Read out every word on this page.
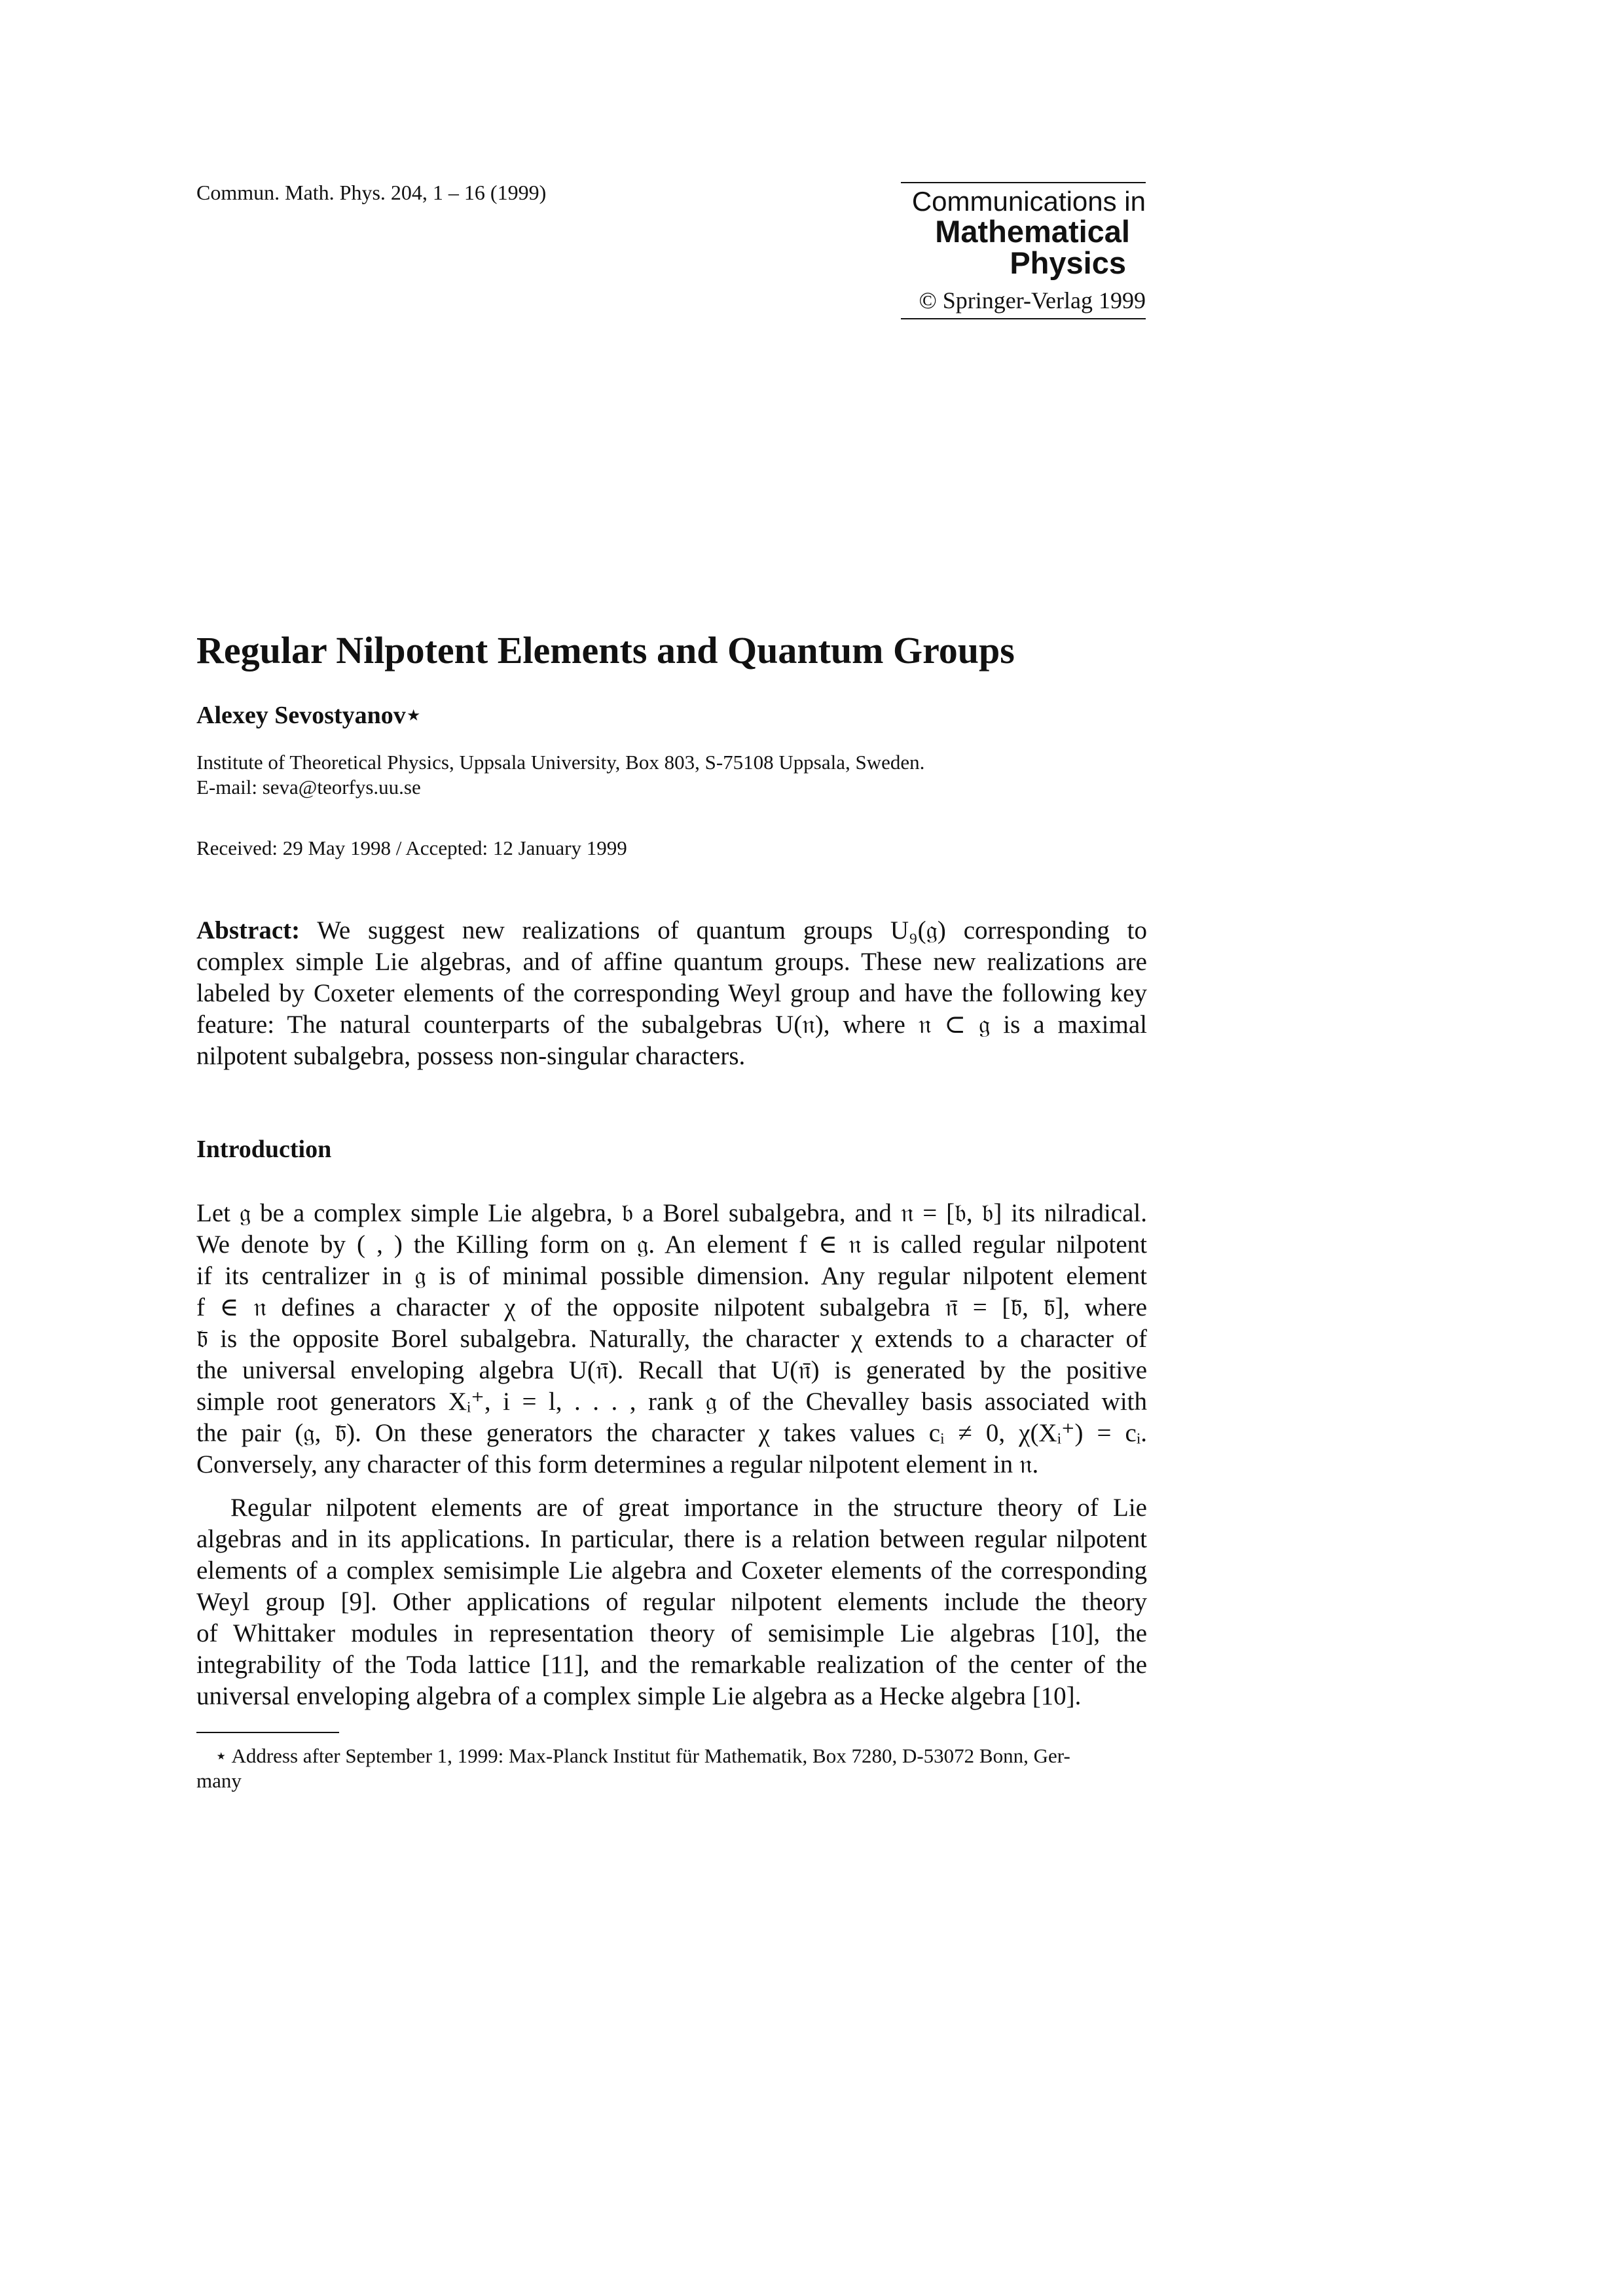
Commun. Math. Phys. 204, 1 – 16 (1999)	Communications in
Mathematical
Physics
© Springer-Verlag 1999
Regular Nilpotent Elements and Quantum Groups
Alexey Sevostyanov⋆
Institute of Theoretical Physics, Uppsala University, Box 803, S-75108 Uppsala, Sweden.
E-mail: seva@teorfys.uu.se
Received: 29 May 1998 / Accepted: 12 January 1999
Abstract: We suggest new realizations of quantum groups U₉(𝔤) corresponding to
complex simple Lie algebras, and of affine quantum groups. These new realizations are
labeled by Coxeter elements of the corresponding Weyl group and have the following key
feature: The natural counterparts of the subalgebras U(𝔫), where 𝔫 ⊂ 𝔤 is a maximal
nilpotent subalgebra, possess non-singular characters.
Introduction
Let 𝔤 be a complex simple Lie algebra, 𝔟 a Borel subalgebra, and 𝔫 = [𝔟, 𝔟] its nilradical.
We denote by ( , ) the Killing form on 𝔤. An element f ∈ 𝔫 is called regular nilpotent
if its centralizer in 𝔤 is of minimal possible dimension. Any regular nilpotent element
f ∈ 𝔫 defines a character χ of the opposite nilpotent subalgebra 𝔫̄ = [𝔟̄, 𝔟̄], where
𝔟̄ is the opposite Borel subalgebra. Naturally, the character χ extends to a character of
the universal enveloping algebra U(𝔫̄). Recall that U(𝔫̄) is generated by the positive
simple root generators Xᵢ⁺, i = l, . . . , rank 𝔤 of the Chevalley basis associated with
the pair (𝔤, 𝔟̄). On these generators the character χ takes values cᵢ ≠ 0, χ(Xᵢ⁺) = cᵢ.
Conversely, any character of this form determines a regular nilpotent element in 𝔫.
Regular nilpotent elements are of great importance in the structure theory of Lie
algebras and in its applications. In particular, there is a relation between regular nilpotent
elements of a complex semisimple Lie algebra and Coxeter elements of the corresponding
Weyl group [9]. Other applications of regular nilpotent elements include the theory
of Whittaker modules in representation theory of semisimple Lie algebras [10], the
integrability of the Toda lattice [11], and the remarkable realization of the center of the
universal enveloping algebra of a complex simple Lie algebra as a Hecke algebra [10].
⋆ Address after September 1, 1999: Max-Planck Institut für Mathematik, Box 7280, D-53072 Bonn, Ger-
many
